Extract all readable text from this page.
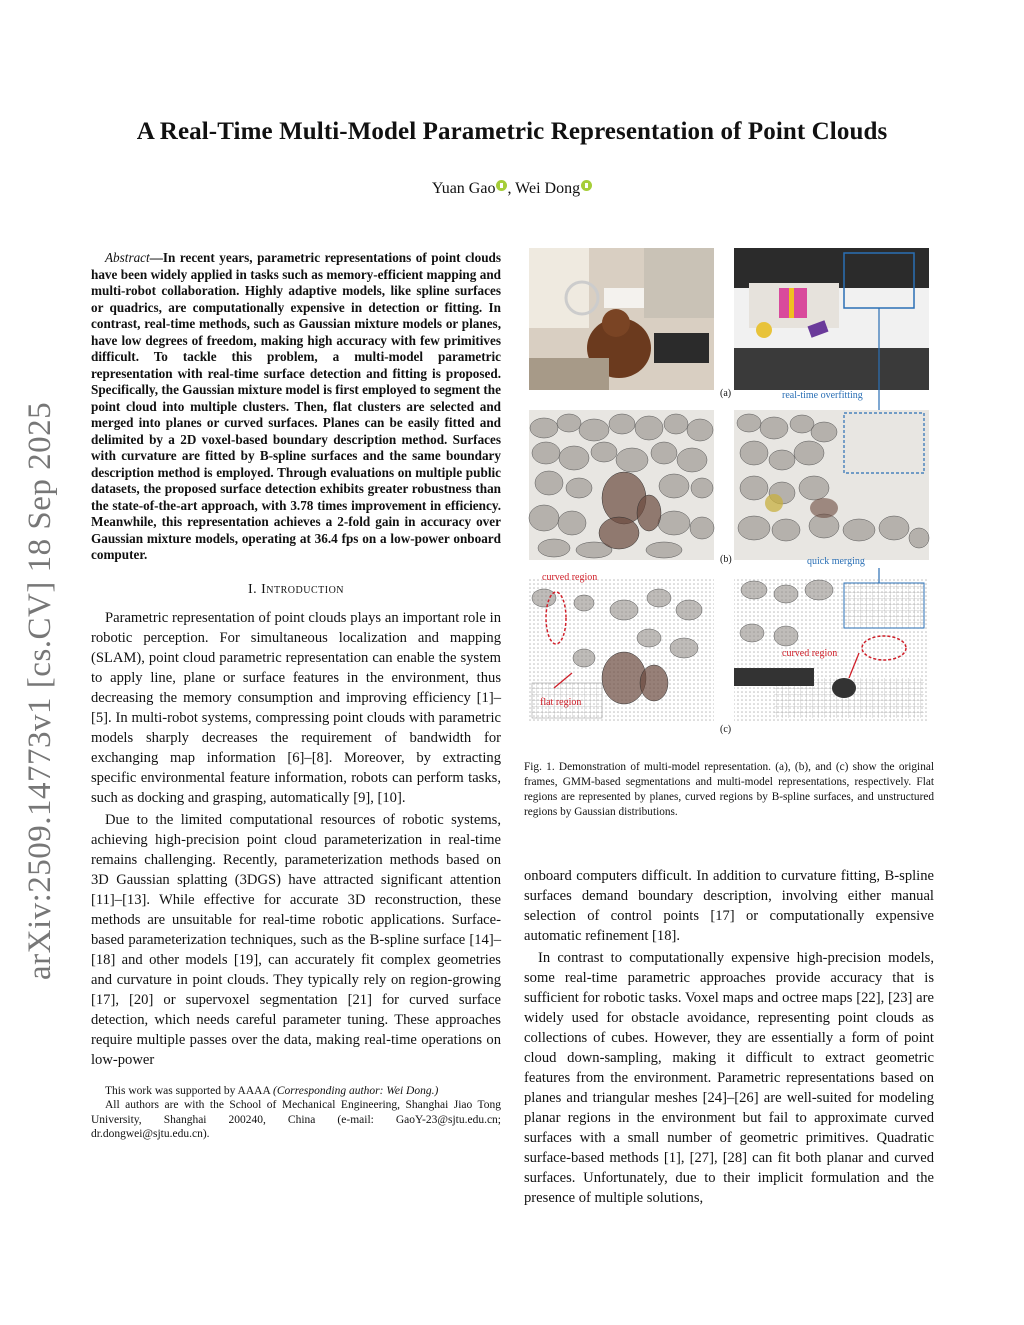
arXiv:2509.14773v1 [cs.CV] 18 Sep 2025
A Real-Time Multi-Model Parametric Representation of Point Clouds
Yuan Gao , Wei Dong
Abstract—In recent years, parametric representations of point clouds have been widely applied in tasks such as memory-efficient mapping and multi-robot collaboration. Highly adaptive models, like spline surfaces or quadrics, are computationally expensive in detection or fitting. In contrast, real-time methods, such as Gaussian mixture models or planes, have low degrees of freedom, making high accuracy with few primitives difficult. To tackle this problem, a multi-model parametric representation with real-time surface detection and fitting is proposed. Specifically, the Gaussian mixture model is first employed to segment the point cloud into multiple clusters. Then, flat clusters are selected and merged into planes or curved surfaces. Planes can be easily fitted and delimited by a 2D voxel-based boundary description method. Surfaces with curvature are fitted by B-spline surfaces and the same boundary description method is employed. Through evaluations on multiple public datasets, the proposed surface detection exhibits greater robustness than the state-of-the-art approach, with 3.78 times improvement in efficiency. Meanwhile, this representation achieves a 2-fold gain in accuracy over Gaussian mixture models, operating at 36.4 fps on a low-power onboard computer.
I. Introduction

Parametric representation of point clouds plays an important role in robotic perception. For simultaneous localization and mapping (SLAM), point cloud parametric representation can enable the system to apply line, plane or surface features in the environment, thus decreasing the memory consumption and improving efficiency [1]–[5]. In multi-robot systems, compressing point clouds with parametric models sharply decreases the requirement of bandwidth for exchanging map information [6]–[8]. Moreover, by extracting specific environmental feature information, robots can perform tasks, such as docking and grasping, automatically [9], [10].

Due to the limited computational resources of robotic systems, achieving high-precision point cloud parameterization in real-time remains challenging. Recently, parameterization methods based on 3D Gaussian splatting (3DGS) have attracted significant attention [11]–[13]. While effective for accurate 3D reconstruction, these methods are unsuitable for real-time robotic applications. Surface-based parameterization techniques, such as the B-spline surface [14]–[18] and other models [19], can accurately fit complex geometries and curvature in point clouds. They typically rely on region-growing [17], [20] or supervoxel segmentation [21] for curved surface detection, which needs careful parameter tuning. These approaches require multiple passes over the data, making real-time operations on low-power

This work was supported by AAAA (Corresponding author: Wei Dong.)

All authors are with the School of Mechanical Engineering, Shanghai Jiao Tong University, Shanghai 200240, China (e-mail: GaoY-23@sjtu.edu.cn; dr.dongwei@sjtu.edu.cn).

(a)
(b)
(c)
real-time overfitting
quick merging
curved region
flat region
curved region
Fig. 1. Demonstration of multi-model representation. (a), (b), and (c) show the original frames, GMM-based segmentations and multi-model representations, respectively. Flat regions are represented by planes, curved regions by B-spline surfaces, and unstructured regions by Gaussian distributions.

onboard computers difficult. In addition to curvature fitting, B-spline surfaces demand boundary description, involving either manual selection of control points [17] or computationally expensive automatic refinement [18].

In contrast to computationally expensive high-precision models, some real-time parametric approaches provide accuracy that is sufficient for robotic tasks. Voxel maps and octree maps [22], [23] are widely used for obstacle avoidance, representing point clouds as collections of cubes. However, they are essentially a form of point cloud down-sampling, making it difficult to extract geometric features from the environment. Parametric representations based on planes and triangular meshes [24]–[26] are well-suited for modeling planar regions in the environment but fail to approximate curved surfaces with a small number of geometric primitives. Quadratic surface-based methods [1], [27], [28] can fit both planar and curved surfaces. Unfortunately, due to their implicit formulation and the presence of multiple solutions,
